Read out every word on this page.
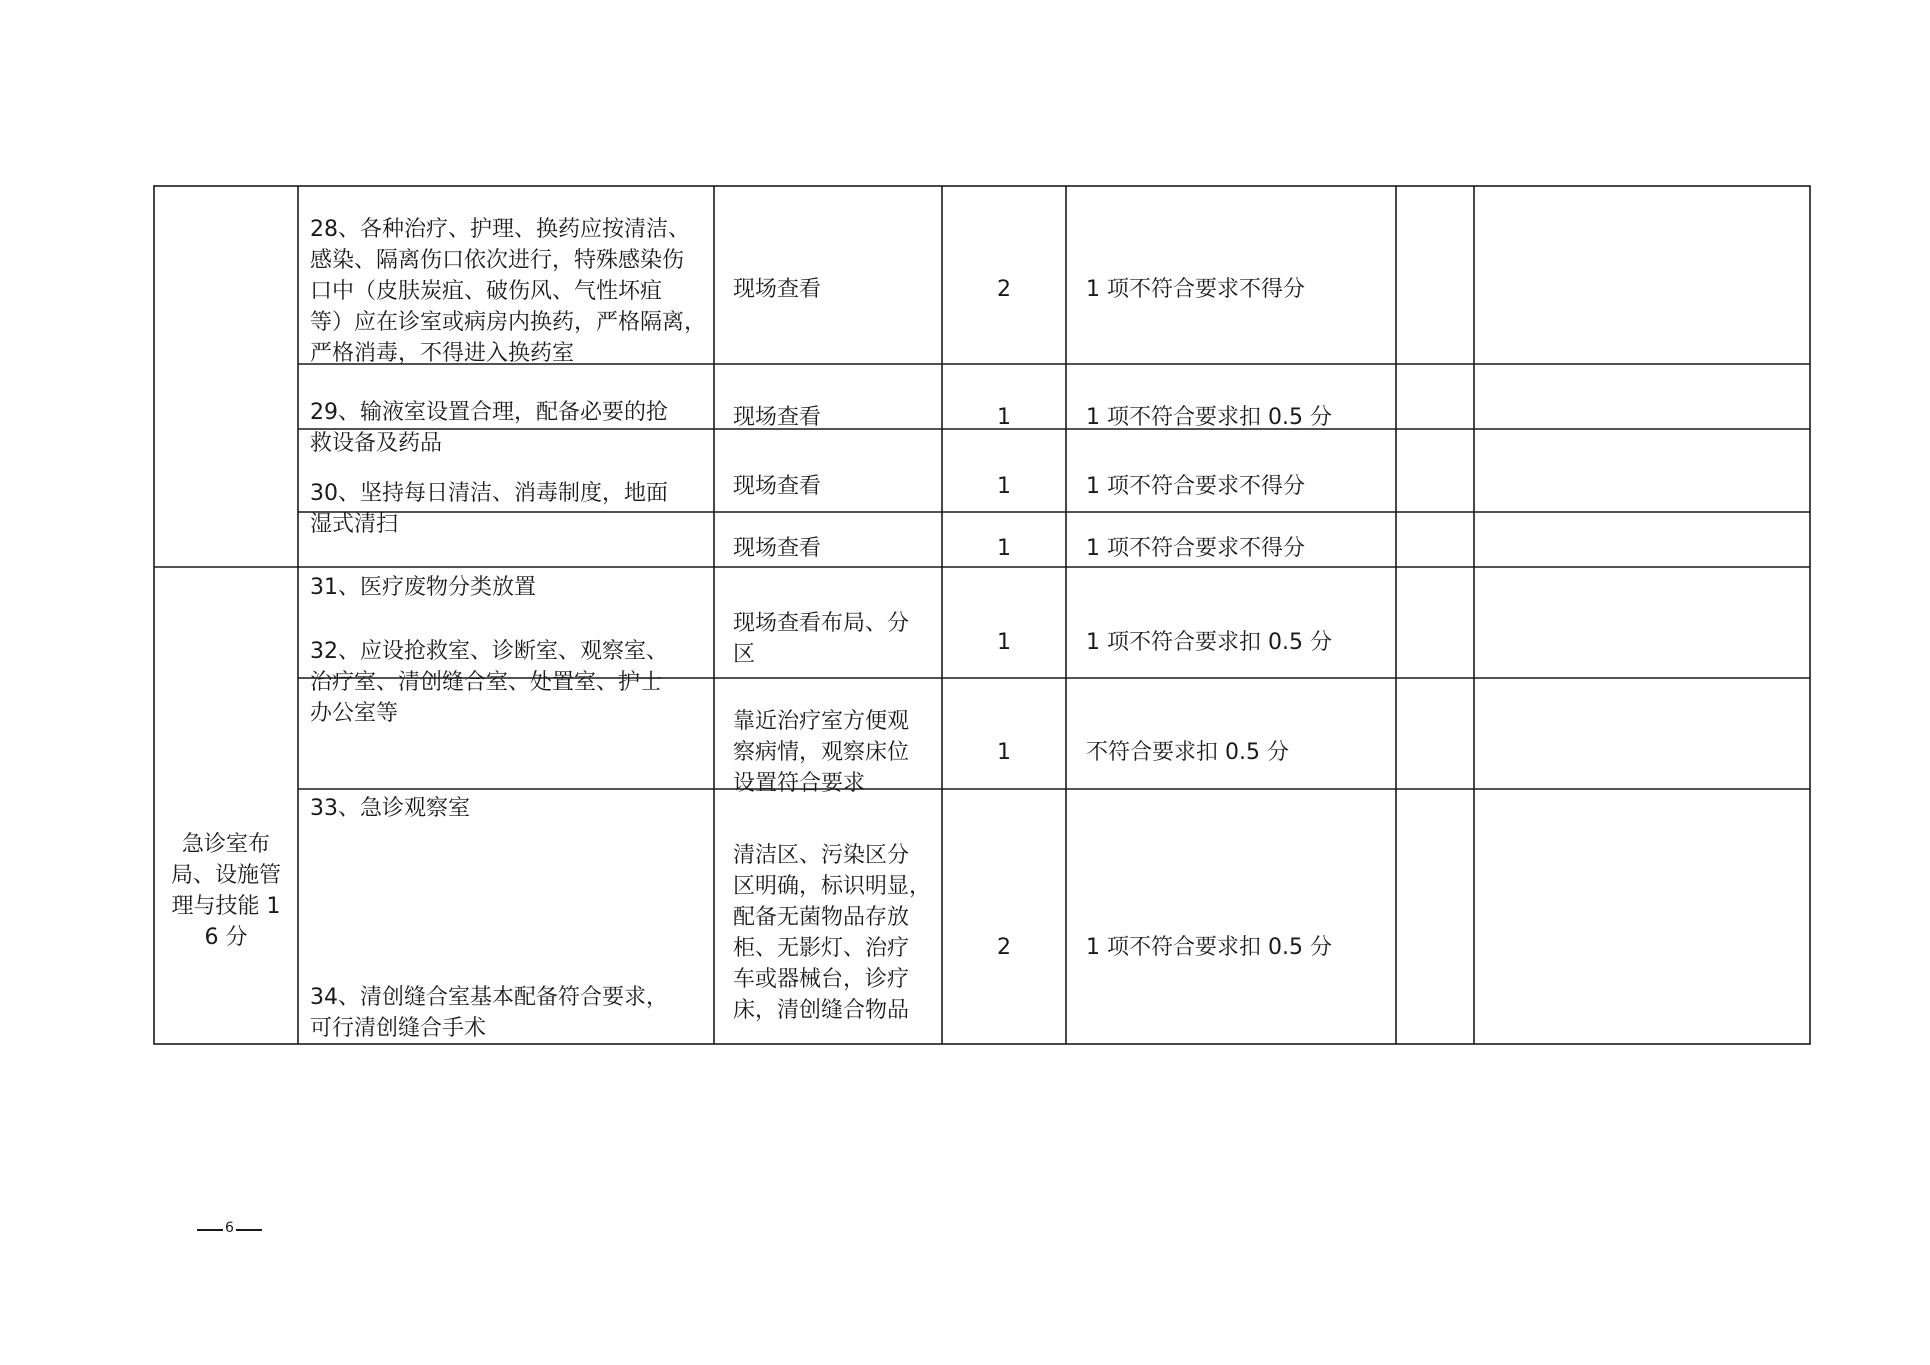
28、各种治疗、护理、换药应按清洁、
感染、隔离伤口依次进行，特殊感染伤
口中（皮肤炭疽、破伤风、气性坏疽
等）应在诊室或病房内换药，严格隔离，
严格消毒，不得进入换药室
29、输液室设置合理，配备必要的抢
救设备及药品
30、坚持每日清洁、消毒制度，地面
湿式清扫
31、医疗废物分类放置
32、应设抢救室、诊断室、观察室、
治疗室、清创缝合室、处置室、护士
办公室等
33、急诊观察室
34、清创缝合室基本配备符合要求，
可行清创缝合手术
现场查看
现场查看
现场查看
现场查看
现场查看布局、分
区
靠近治疗室方便观
察病情，观察床位
设置符合要求
清洁区、污染区分
区明确，标识明显，
配备无菌物品存放
柜、无影灯、治疗
车或器械台，诊疗
床，清创缝合物品
2
1
1
1
1
1
2
1 项不符合要求不得分
1 项不符合要求扣 0.5 分
1 项不符合要求不得分
1 项不符合要求不得分
1 项不符合要求扣 0.5 分
不符合要求扣 0.5 分
1 项不符合要求扣 0.5 分
急诊室布
局、设施管
理与技能 1
6 分
6
